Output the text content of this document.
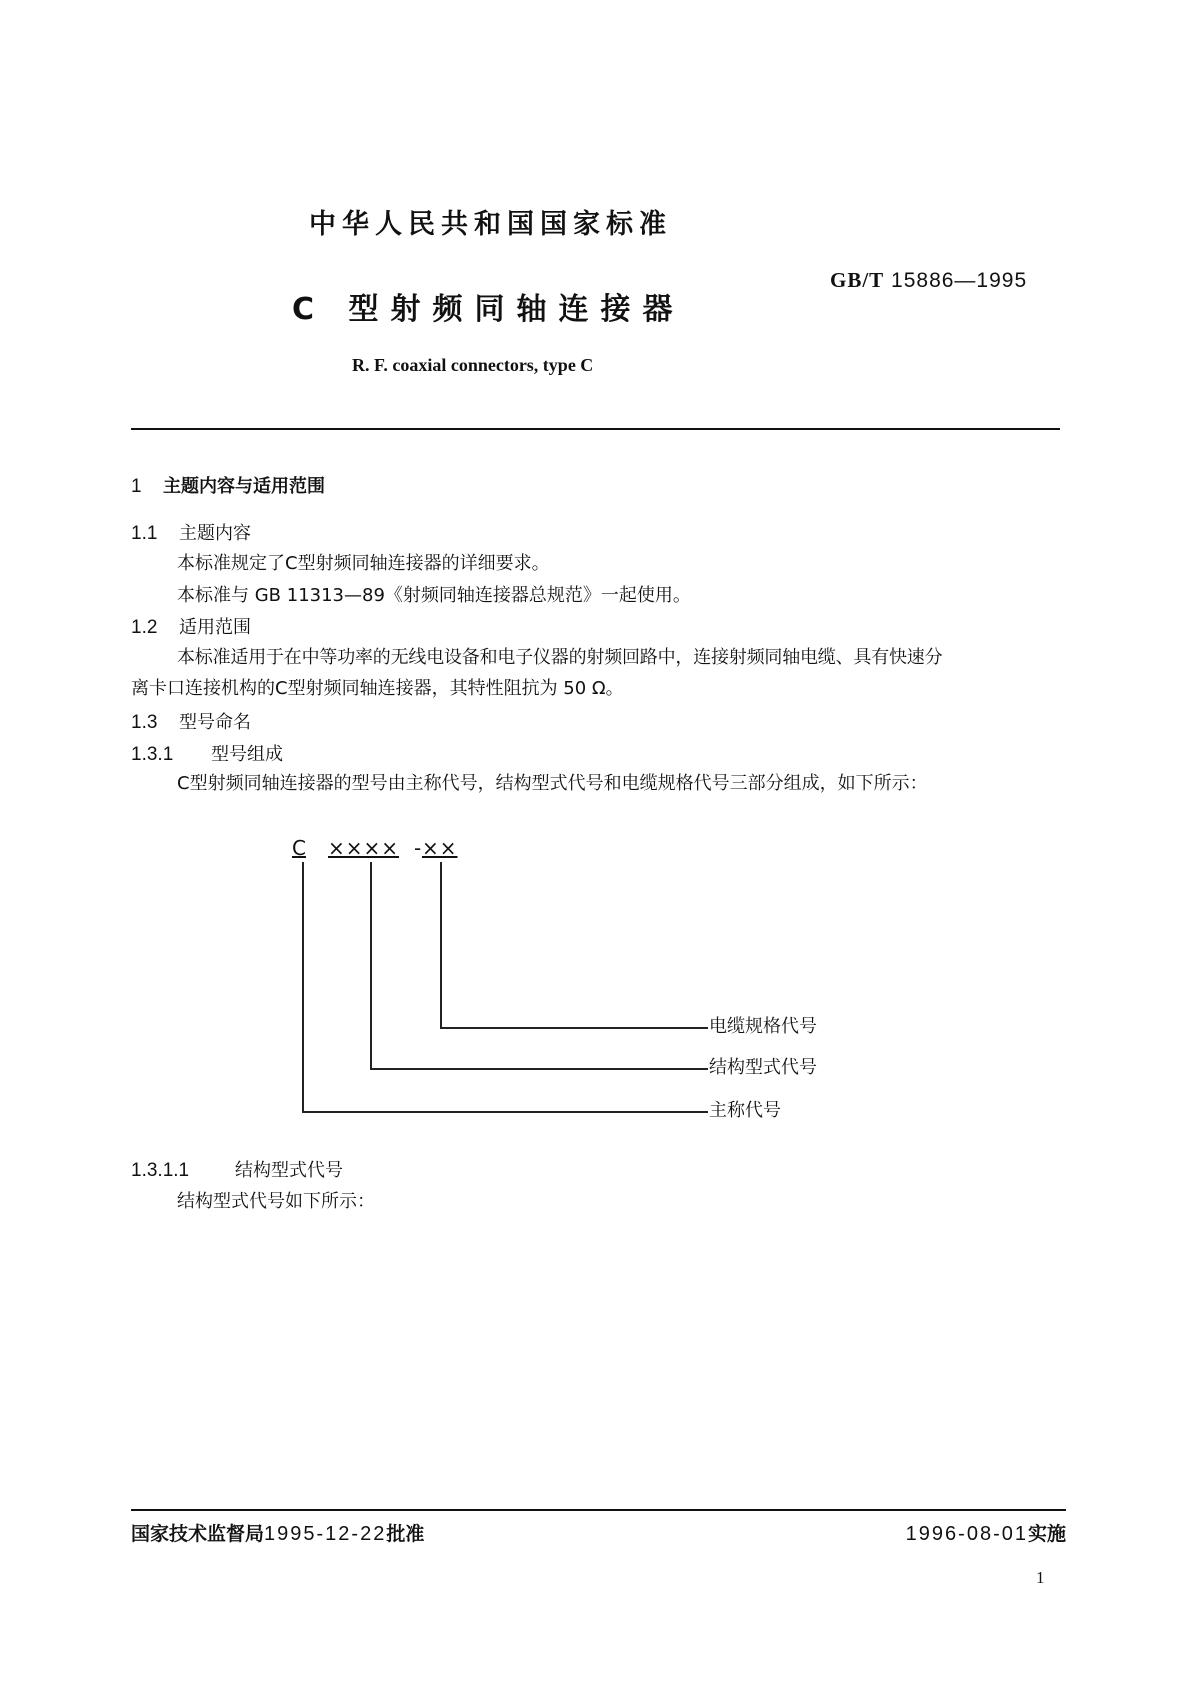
中华人民共和国国家标准
GB/T 15886—1995
C 型射频同轴连接器
R. F. coaxial connectors, type C
1 主题内容与适用范围
1.1 主题内容
本标准规定了C型射频同轴连接器的详细要求。
本标准与 GB 11313—89《射频同轴连接器总规范》一起使用。
1.2 适用范围
本标准适用于在中等功率的无线电设备和电子仪器的射频回路中，连接射频同轴电缆、具有快速分
离卡口连接机构的C型射频同轴连接器，其特性阻抗为 50 Ω。
1.3 型号命名
1.3.1 型号组成
C型射频同轴连接器的型号由主称代号，结构型式代号和电缆规格代号三部分组成，如下所示：
C ×××× - ××
电缆规格代号
结构型式代号
主称代号
1.3.1.1	结构型式代号
结构型式代号如下所示：
国家技术监督局1995-12-22批准	1996-08-01实施
1
